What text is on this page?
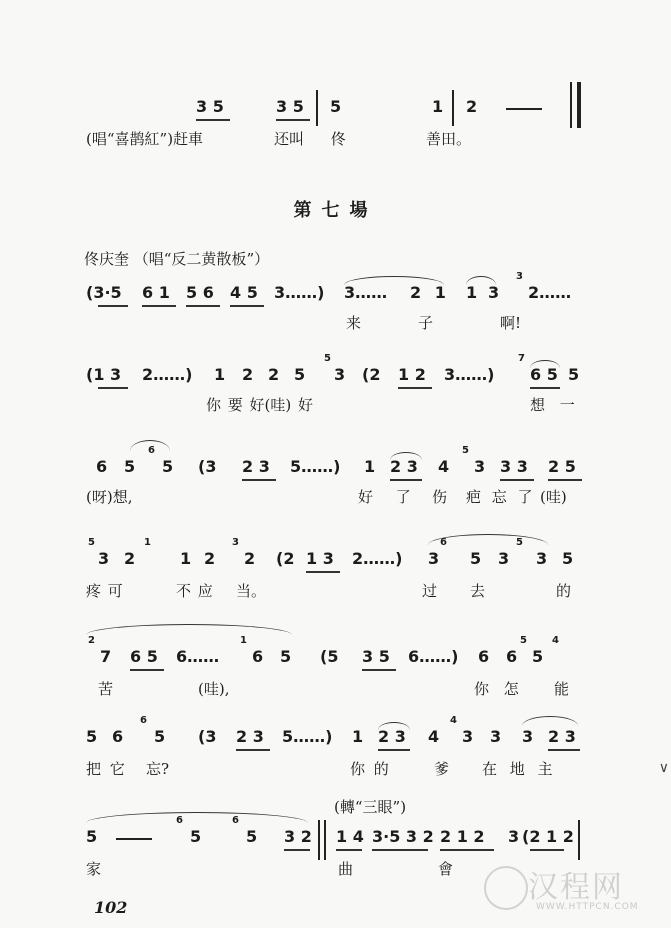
3 5	3 5 5	1 2
(唱“喜鹊紅”)赶車	还叫 佟	善田。
第七場
佟庆奎 （唱“反二黄散板”）
(3·5 6 1 5 6 4 5 3……) 3…… 2 1 1 3
3
2……
来	子	啊!
(1 3 2……) 1 2 2 5
5
3 (2 1 2 3……)
7
6 5 5
你 要 好(哇) 好	想 一
6 5
6
5 (3 2 3 5……) 1 2 3 4
5
3 3 3 2 5
(呀)想,	好 了 伤 疤 忘 了 (哇)
5
3 2
1
1 2
3
2 (2 1 3 2……) 3
6
5 3
5
3 5
疼 可	不 应 当。	过 去	的
2
7 6 5 6……
1
6 5 (5 3 5 6……) 6 6
5
5
4
苦	(哇),	你 怎 能
5 6
6
5 (3 2 3 5……) 1 2 3 4
4
3 3 3 2 3
把 它 忘?	你 的	爹 在 地 主
(轉“三眼”)
5
6
5
6
5 3 2 1 4 3·5 3 2 2 1 2 3 (2 1 2
家	曲	會
102
∨
汉程网
WWW.HTTPCN.COM
